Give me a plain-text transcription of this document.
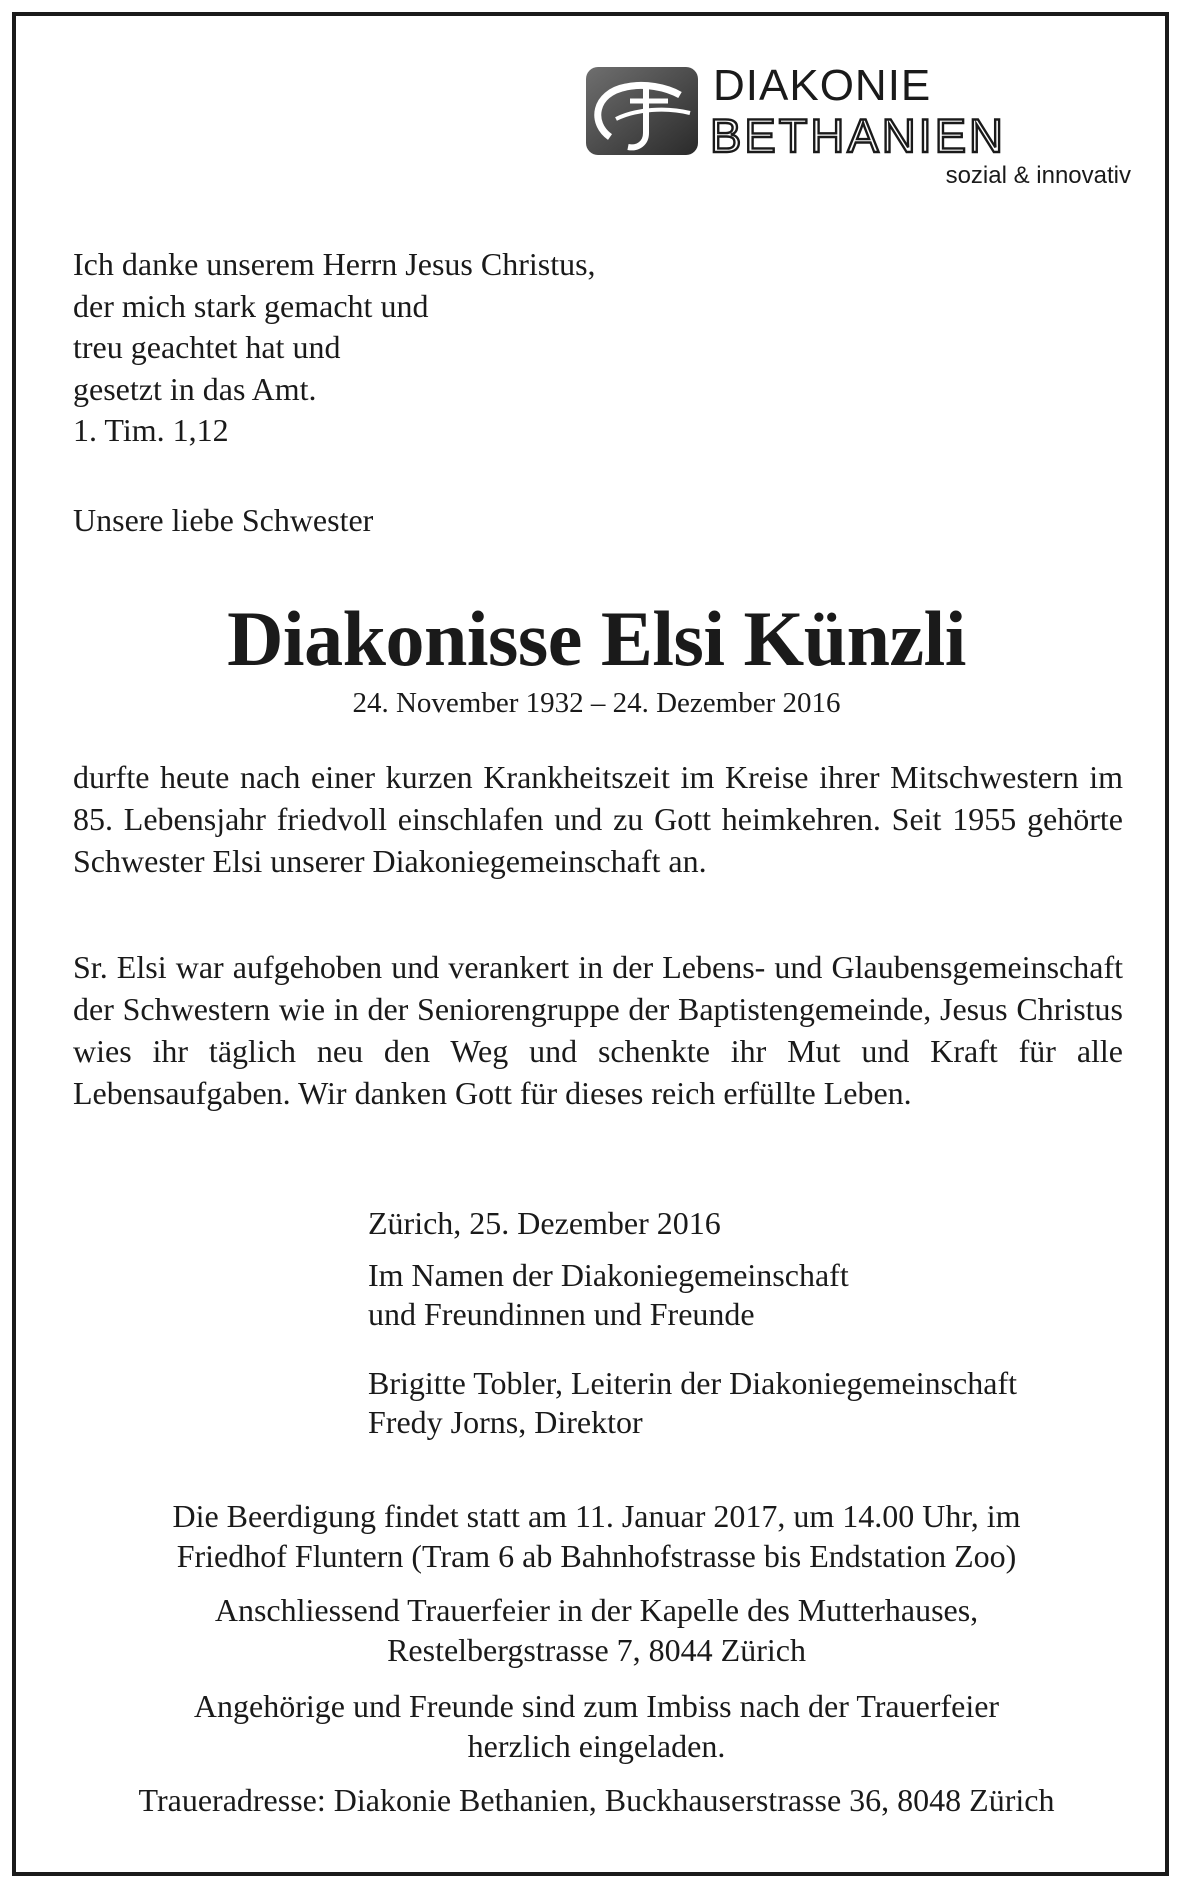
DIAKONIE
BETHANIEN
sozial & innovativ
Ich danke unserem Herrn Jesus Christus,
der mich stark gemacht und
treu geachtet hat und
gesetzt in das Amt.
1. Tim. 1,12
Unsere liebe Schwester
Diakonisse Elsi Künzli
24. November 1932 – 24. Dezember 2016
durfte heute nach einer kurzen Krankheitszeit im Kreise ihrer Mitschwestern im 85. Lebensjahr friedvoll einschlafen und zu Gott heimkehren. Seit 1955 gehörte Schwester Elsi unserer Diakoniegemeinschaft an.
Sr. Elsi war aufgehoben und verankert in der Lebens- und Glaubensgemeinschaft der Schwestern wie in der Seniorengruppe der Baptistengemeinde, Jesus Christus wies ihr täglich neu den Weg und schenkte ihr Mut und Kraft für alle Lebensaufgaben. Wir danken Gott für dieses reich erfüllte Leben.
Zürich, 25. Dezember 2016
Im Namen der Diakoniegemeinschaft
und Freundinnen und Freunde
Brigitte Tobler, Leiterin der Diakoniegemeinschaft
Fredy Jorns, Direktor
Die Beerdigung findet statt am 11. Januar 2017, um 14.00 Uhr, im
Friedhof Fluntern (Tram 6 ab Bahnhofstrasse bis Endstation Zoo)
Anschliessend Trauerfeier in der Kapelle des Mutterhauses,
Restelbergstrasse 7, 8044 Zürich
Angehörige und Freunde sind zum Imbiss nach der Trauerfeier
herzlich eingeladen.
Traueradresse: Diakonie Bethanien, Buckhauserstrasse 36, 8048 Zürich
